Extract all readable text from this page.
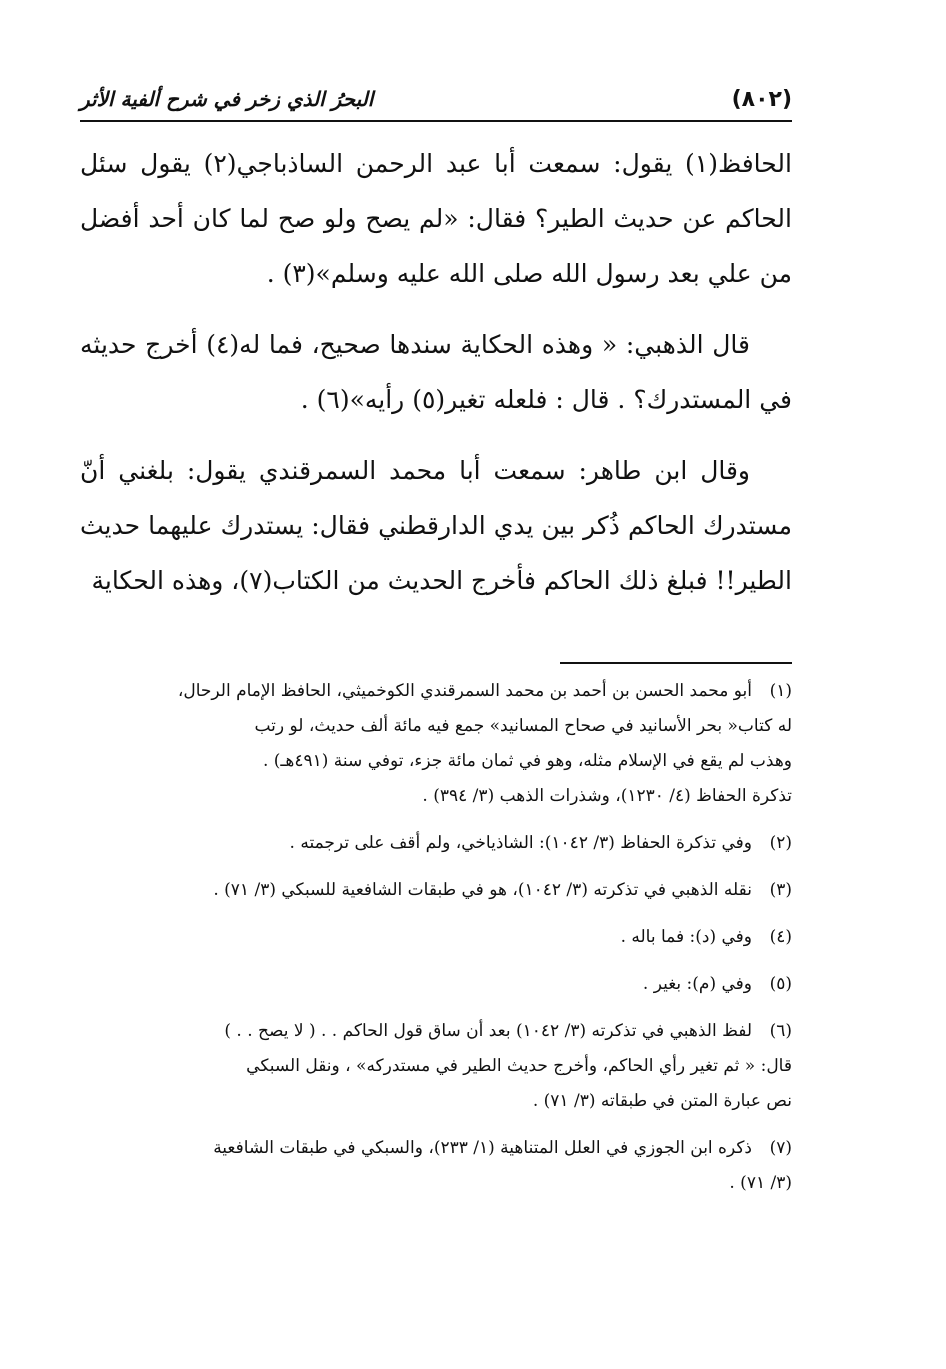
(٨٠٢)
البحرُ الذي زخر في شرح ألفية الأثر

الحافظ(١) يقول: سمعت أبا عبد الرحمن الساذباجي(٢) يقول سئل الحاكم عن حديث الطير؟ فقال: «لم يصح ولو صح لما كان أحد أفضل من علي بعد رسول الله صلى الله عليه وسلم»(٣) .

قال الذهبي: « وهذه الحكاية سندها صحيح، فما له(٤) أخرج حديثه في المستدرك؟ . قال : فلعله تغير(٥) رأيه»(٦) .

وقال ابن طاهر: سمعت أبا محمد السمرقندي يقول: بلغني أنّ مستدرك الحاكم ذُكر بين يدي الدارقطني فقال: يستدرك عليهما حديث الطير!! فبلغ ذلك الحاكم فأخرج الحديث من الكتاب(٧)، وهذه الحكاية

(١)أبو محمد الحسن بن أحمد بن محمد السمرقندي الكوخميثي، الحافظ الإمام الرحال،
له كتاب« بحر الأسانيد في صحاح المسانيد» جمع فيه مائة ألف حديث، لو رتب
وهذب لم يقع في الإسلام مثله، وهو في ثمان مائة جزء، توفي سنة (٤٩١هـ) .
تذكرة الحفاظ (٤/ ١٢٣٠)، وشذرات الذهب (٣/ ٣٩٤) .

(٢)وفي تذكرة الحفاظ (٣/ ١٠٤٢): الشاذياخي، ولم أقف على ترجمته .

(٣)نقله الذهبي في تذكرته (٣/ ١٠٤٢)، هو في طبقات الشافعية للسبكي (٣/ ٧١) .

(٤)وفي (د): فما باله .

(٥)وفي (م): بغير .

(٦)لفظ الذهبي في تذكرته (٣/ ١٠٤٢) بعد أن ساق قول الحاكم . . ( لا يصح . . )
قال: « ثم تغير رأي الحاكم، وأخرج حديث الطير في مستدركه» ، ونقل السبكي
نص عبارة المتن في طبقاته (٣/ ٧١) .

(٧)ذكره ابن الجوزي في العلل المتناهية (١/ ٢٣٣)، والسبكي في طبقات الشافعية
(٣/ ٧١) .
